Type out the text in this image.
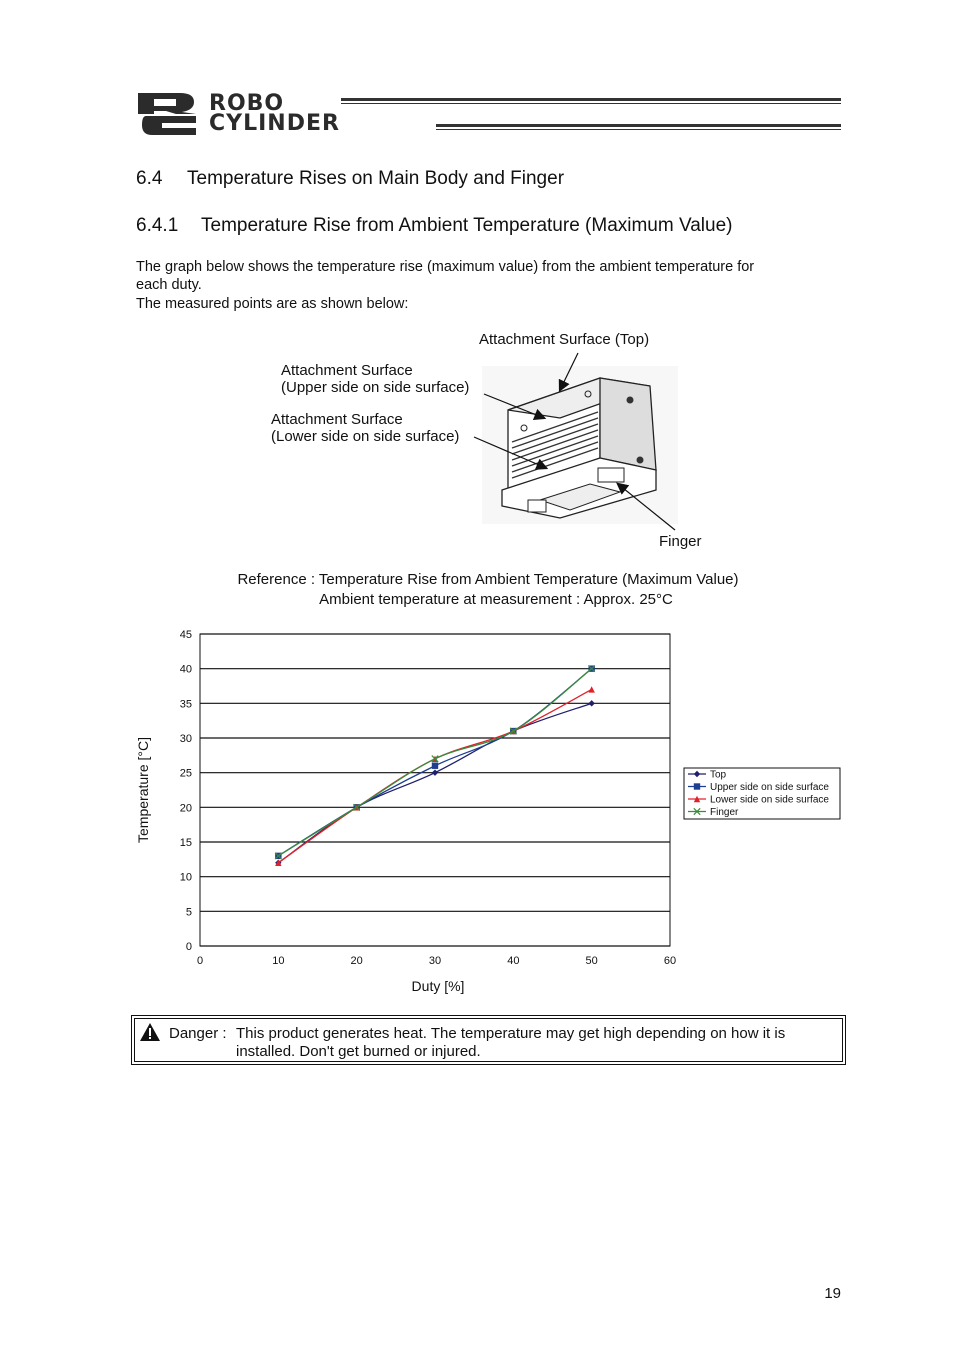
ROBO
CYLINDER
6.4 Temperature Rises on Main Body and Finger
6.4.1 Temperature Rise from Ambient Temperature (Maximum Value)
The graph below shows the temperature rise (maximum value) from the ambient temperature for
each duty.
The measured points are as shown below:
Attachment Surface (Top)
Attachment Surface
(Upper side on side surface)
Attachment Surface
(Lower side on side surface)
Finger
Reference : Temperature Rise from Ambient Temperature (Maximum Value)
Ambient temperature at measurement : Approx. 25°C
0
5
10
15
20
25
30
35
40
45
0	10	20	30	40	50	60
Temperature [°C]
Duty [%]
Top
Upper side on side surface
Lower side on side surface
Finger
Danger : This product generates heat. The temperature may get high depending on how it is
installed. Don't get burned or injured.
19
